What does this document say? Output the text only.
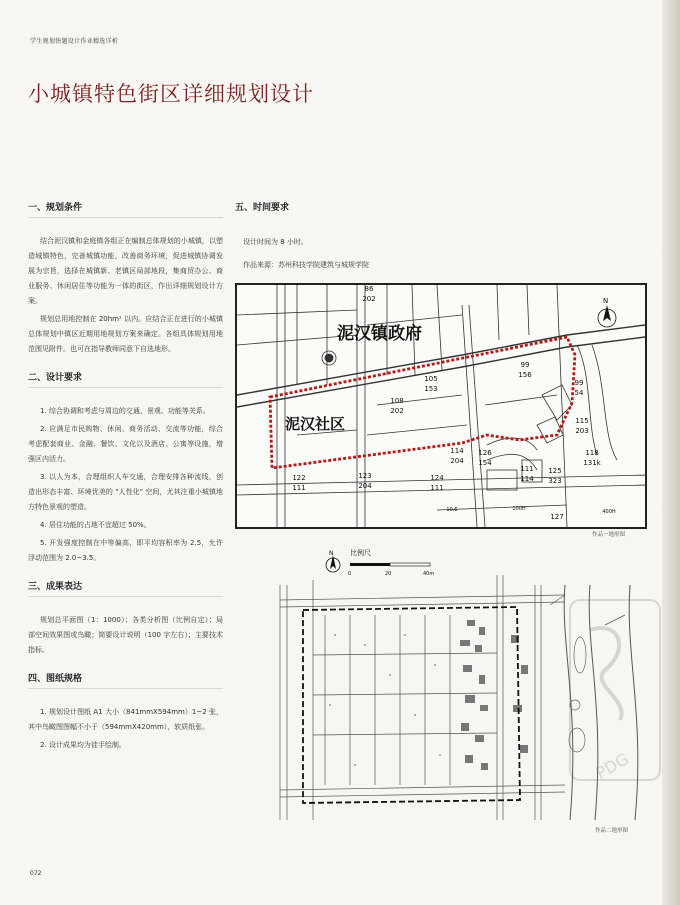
学生规划快题设计作业精选详析
小城镇特色街区详细规划设计
一、规划条件

结合泥汉镇和金庭镇各组正在编制总体规划的小城镇，以塑造城镇特色，完善城镇功能，改善商务环境，促进城镇协调发展为宗旨，选择在城镇新、老镇区局部地段，集商贸办公、商业服务、休闲居住等功能为一体的街区，作出详细规划设计方案。

规划总用地控制在 20hm² 以内。应结合正在进行的小城镇总体规划中镇区近期用地规划方案来确定。各组具体规划用地范围见附件。也可在指导教师同意下自选地形。

二、设计要求

1. 综合协调和考虑与周边的交通、景观、功能等关系。

2. 应满足市民购物、休闲、商务活动、交流等功能，综合考虑配套商业、金融、餐饮、文化以及酒店、公寓等设施，增强区内活力。

3. 以人为本，合理组织人车交通，合理安排各种流线，创造出形态丰富、环境优美的 "人性化" 空间，尤其注重小城镇地方特色景观的塑造。

4. 居住功能的占地不宜超过 50%。

5. 开发强度控制在中等偏高，即平均容积率为 2.5，允许浮动范围为 2.0~3.5。

三、成果表达

规划总平面图（1：1000）；各类分析图（比例自定）；局部空间效果图或鸟瞰；简要设计说明（100 字左右）；主要技术指标。

四、图纸规格

1. 规划设计图纸 A1 大小（841mmX594mm）1~2 张，其中鸟瞰图图幅不小于（594mmX420mm），软质纸张。

2. 设计成果均为徒手绘制。

五、时间要求

设计时间为 8 小时。

作品来源：苏州科技学院建筑与城规学院

泥汉镇政府
泥汉社区
N
86
202
105
153
108
202
99
156
99
54
115
203
118
131k
122
111
123
204
124
111
114
204
126
154
111
114
125
323
127
100H	400H
10.6
作品一地形图
N 比例尺
0	20	40m
作品二地形图
PDG
072
